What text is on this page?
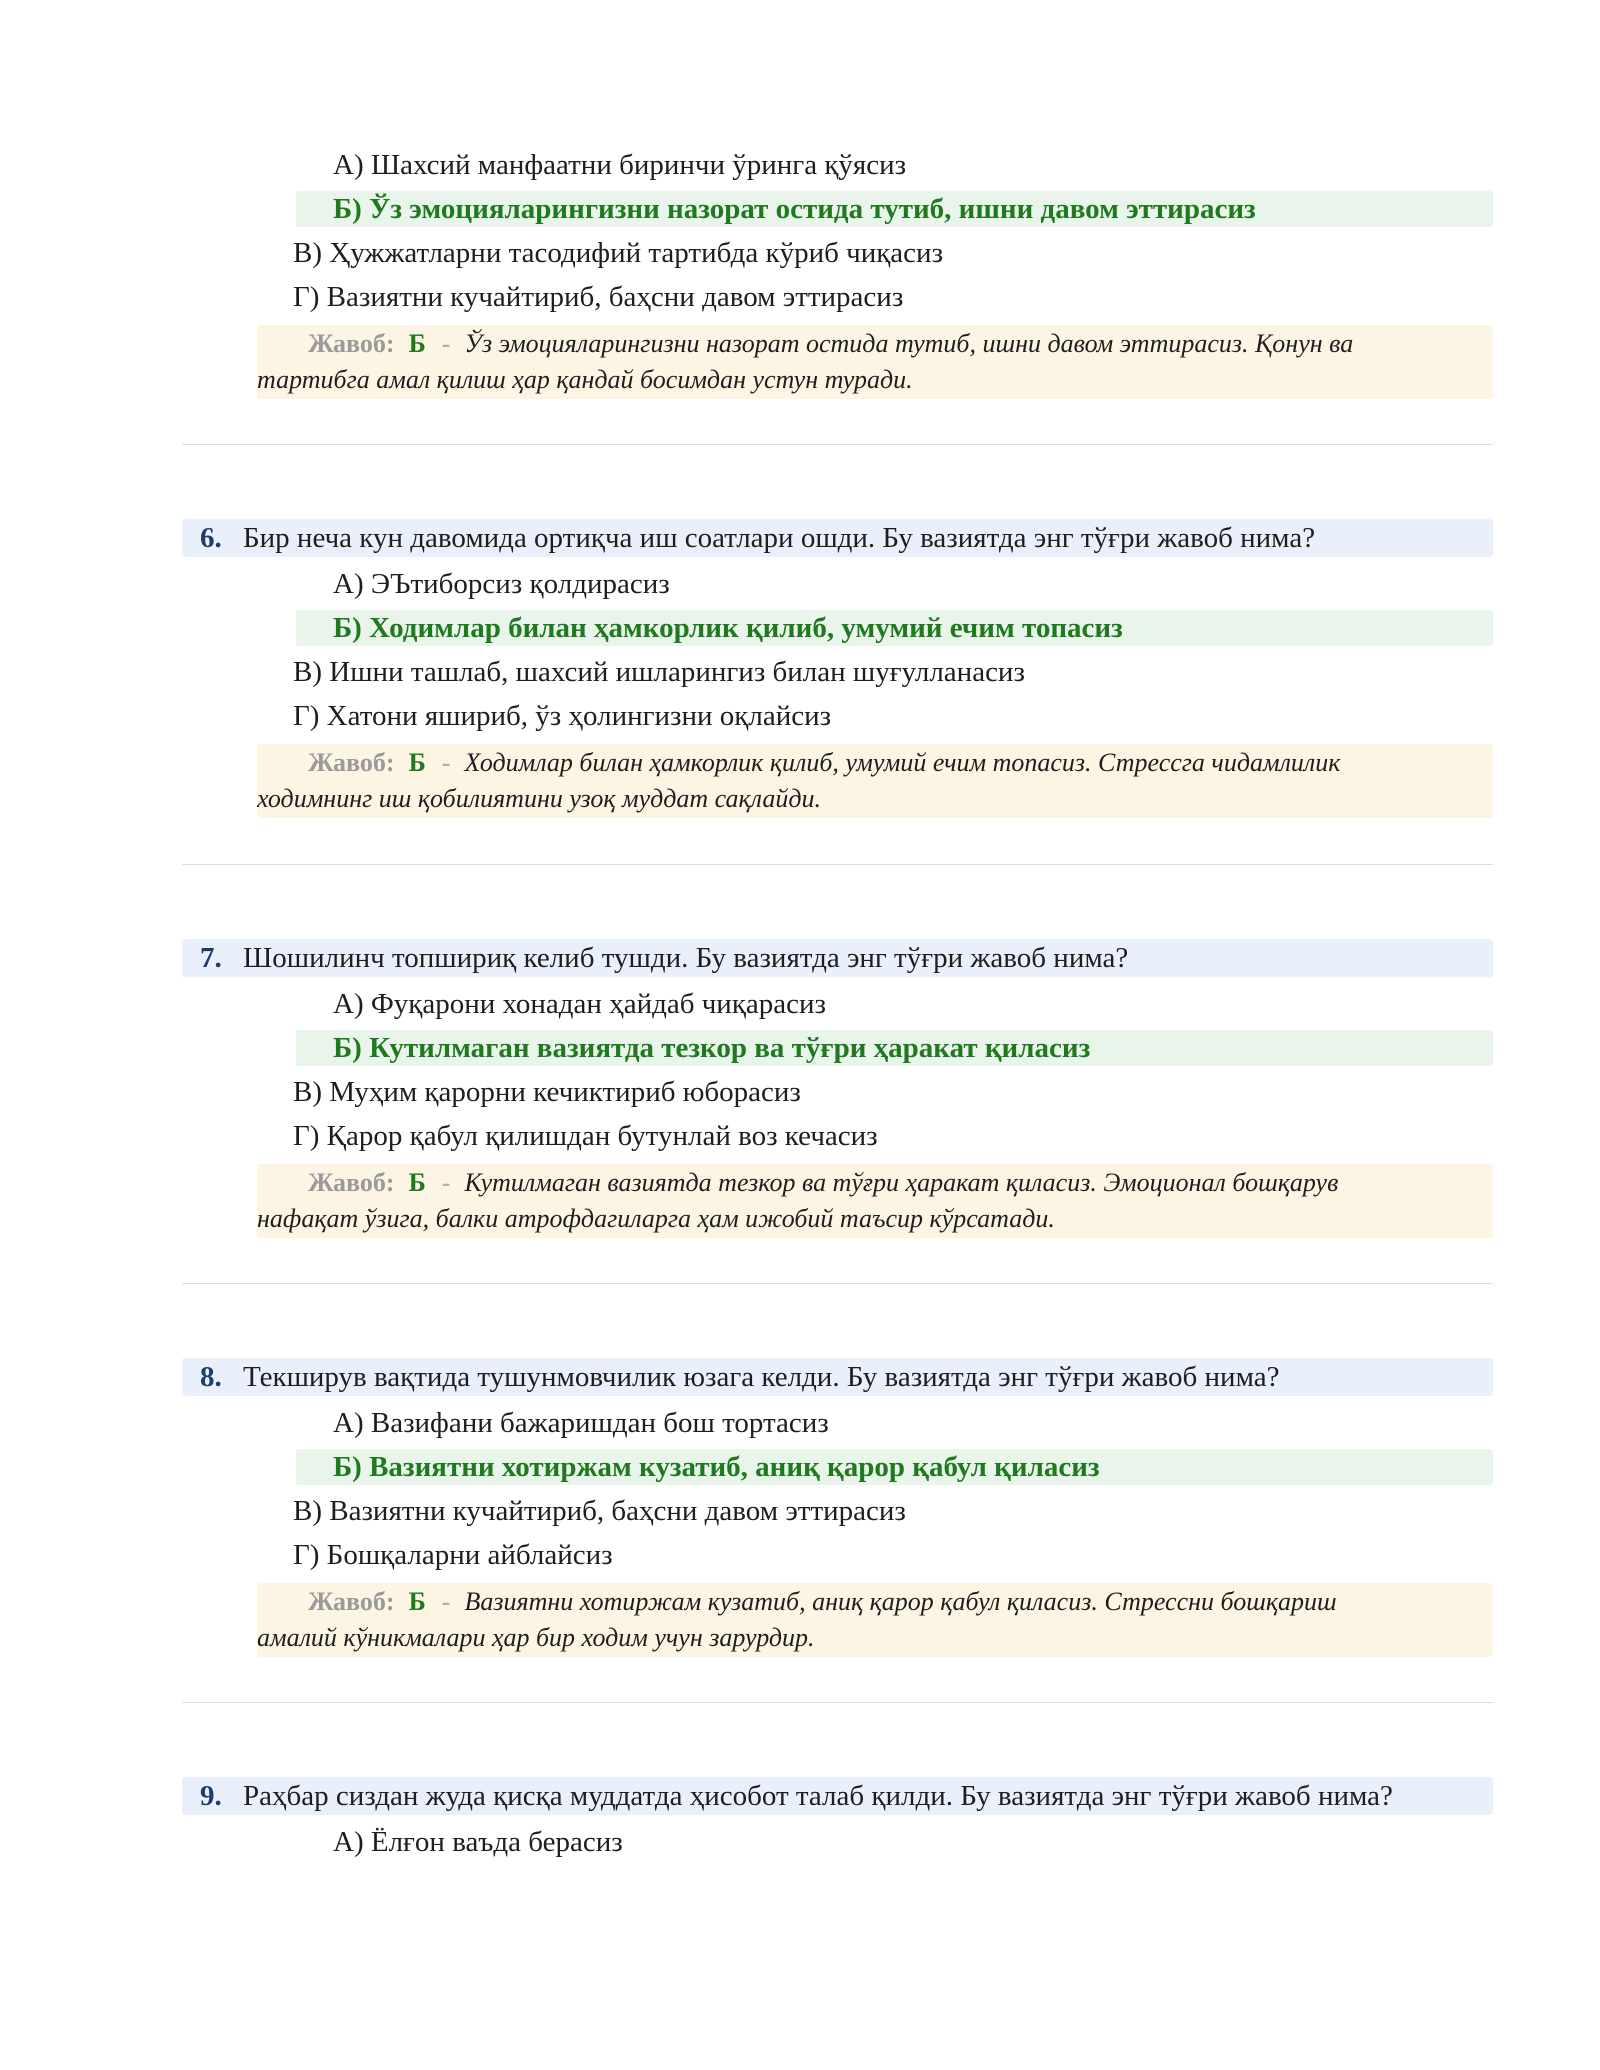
А) Шахсий манфаатни биринчи ўринга қўясиз
Б) Ўз эмоцияларингизни назорат остида тутиб, ишни давом эттирасиз
В) Ҳужжатларни тасодифий тартибда кўриб чиқасиз
Г) Вазиятни кучайтириб, баҳсни давом эттирасиз
Жавоб: Б - Ўз эмоцияларингизни назорат остида тутиб, ишни давом эттирасиз. Қонун ва
тартибга амал қилиш ҳар қандай босимдан устун туради.
6. Бир неча кун давомида ортиқча иш соатлари ошди. Бу вазиятда энг тўғри жавоб нима?
А) ЭЪтиборсиз қолдирасиз
Б) Ходимлар билан ҳамкорлик қилиб, умумий ечим топасиз
В) Ишни ташлаб, шахсий ишларингиз билан шуғулланасиз
Г) Хатони яшириб, ўз ҳолингизни оқлайсиз
Жавоб: Б - Ходимлар билан ҳамкорлик қилиб, умумий ечим топасиз. Стрессга чидамлилик
ходимнинг иш қобилиятини узоқ муддат сақлайди.
7. Шошилинч топшириқ келиб тушди. Бу вазиятда энг тўғри жавоб нима?
А) Фуқарони хонадан ҳайдаб чиқарасиз
Б) Кутилмаган вазиятда тезкор ва тўғри ҳаракат қиласиз
В) Муҳим қарорни кечиктириб юборасиз
Г) Қарор қабул қилишдан бутунлай воз кечасиз
Жавоб: Б - Кутилмаган вазиятда тезкор ва тўғри ҳаракат қиласиз. Эмоционал бошқарув
нафақат ўзига, балки атрофдагиларга ҳам ижобий таъсир кўрсатади.
8. Текширув вақтида тушунмовчилик юзага келди. Бу вазиятда энг тўғри жавоб нима?
А) Вазифани бажаришдан бош тортасиз
Б) Вазиятни хотиржам кузатиб, аниқ қарор қабул қиласиз
В) Вазиятни кучайтириб, баҳсни давом эттирасиз
Г) Бошқаларни айблайсиз
Жавоб: Б - Вазиятни хотиржам кузатиб, аниқ қарор қабул қиласиз. Стрессни бошқариш
амалий кўникмалари ҳар бир ходим учун зарурдир.
9. Раҳбар сиздан жуда қисқа муддатда ҳисобот талаб қилди. Бу вазиятда энг тўғри жавоб нима?
А) Ёлғон ваъда берасиз
